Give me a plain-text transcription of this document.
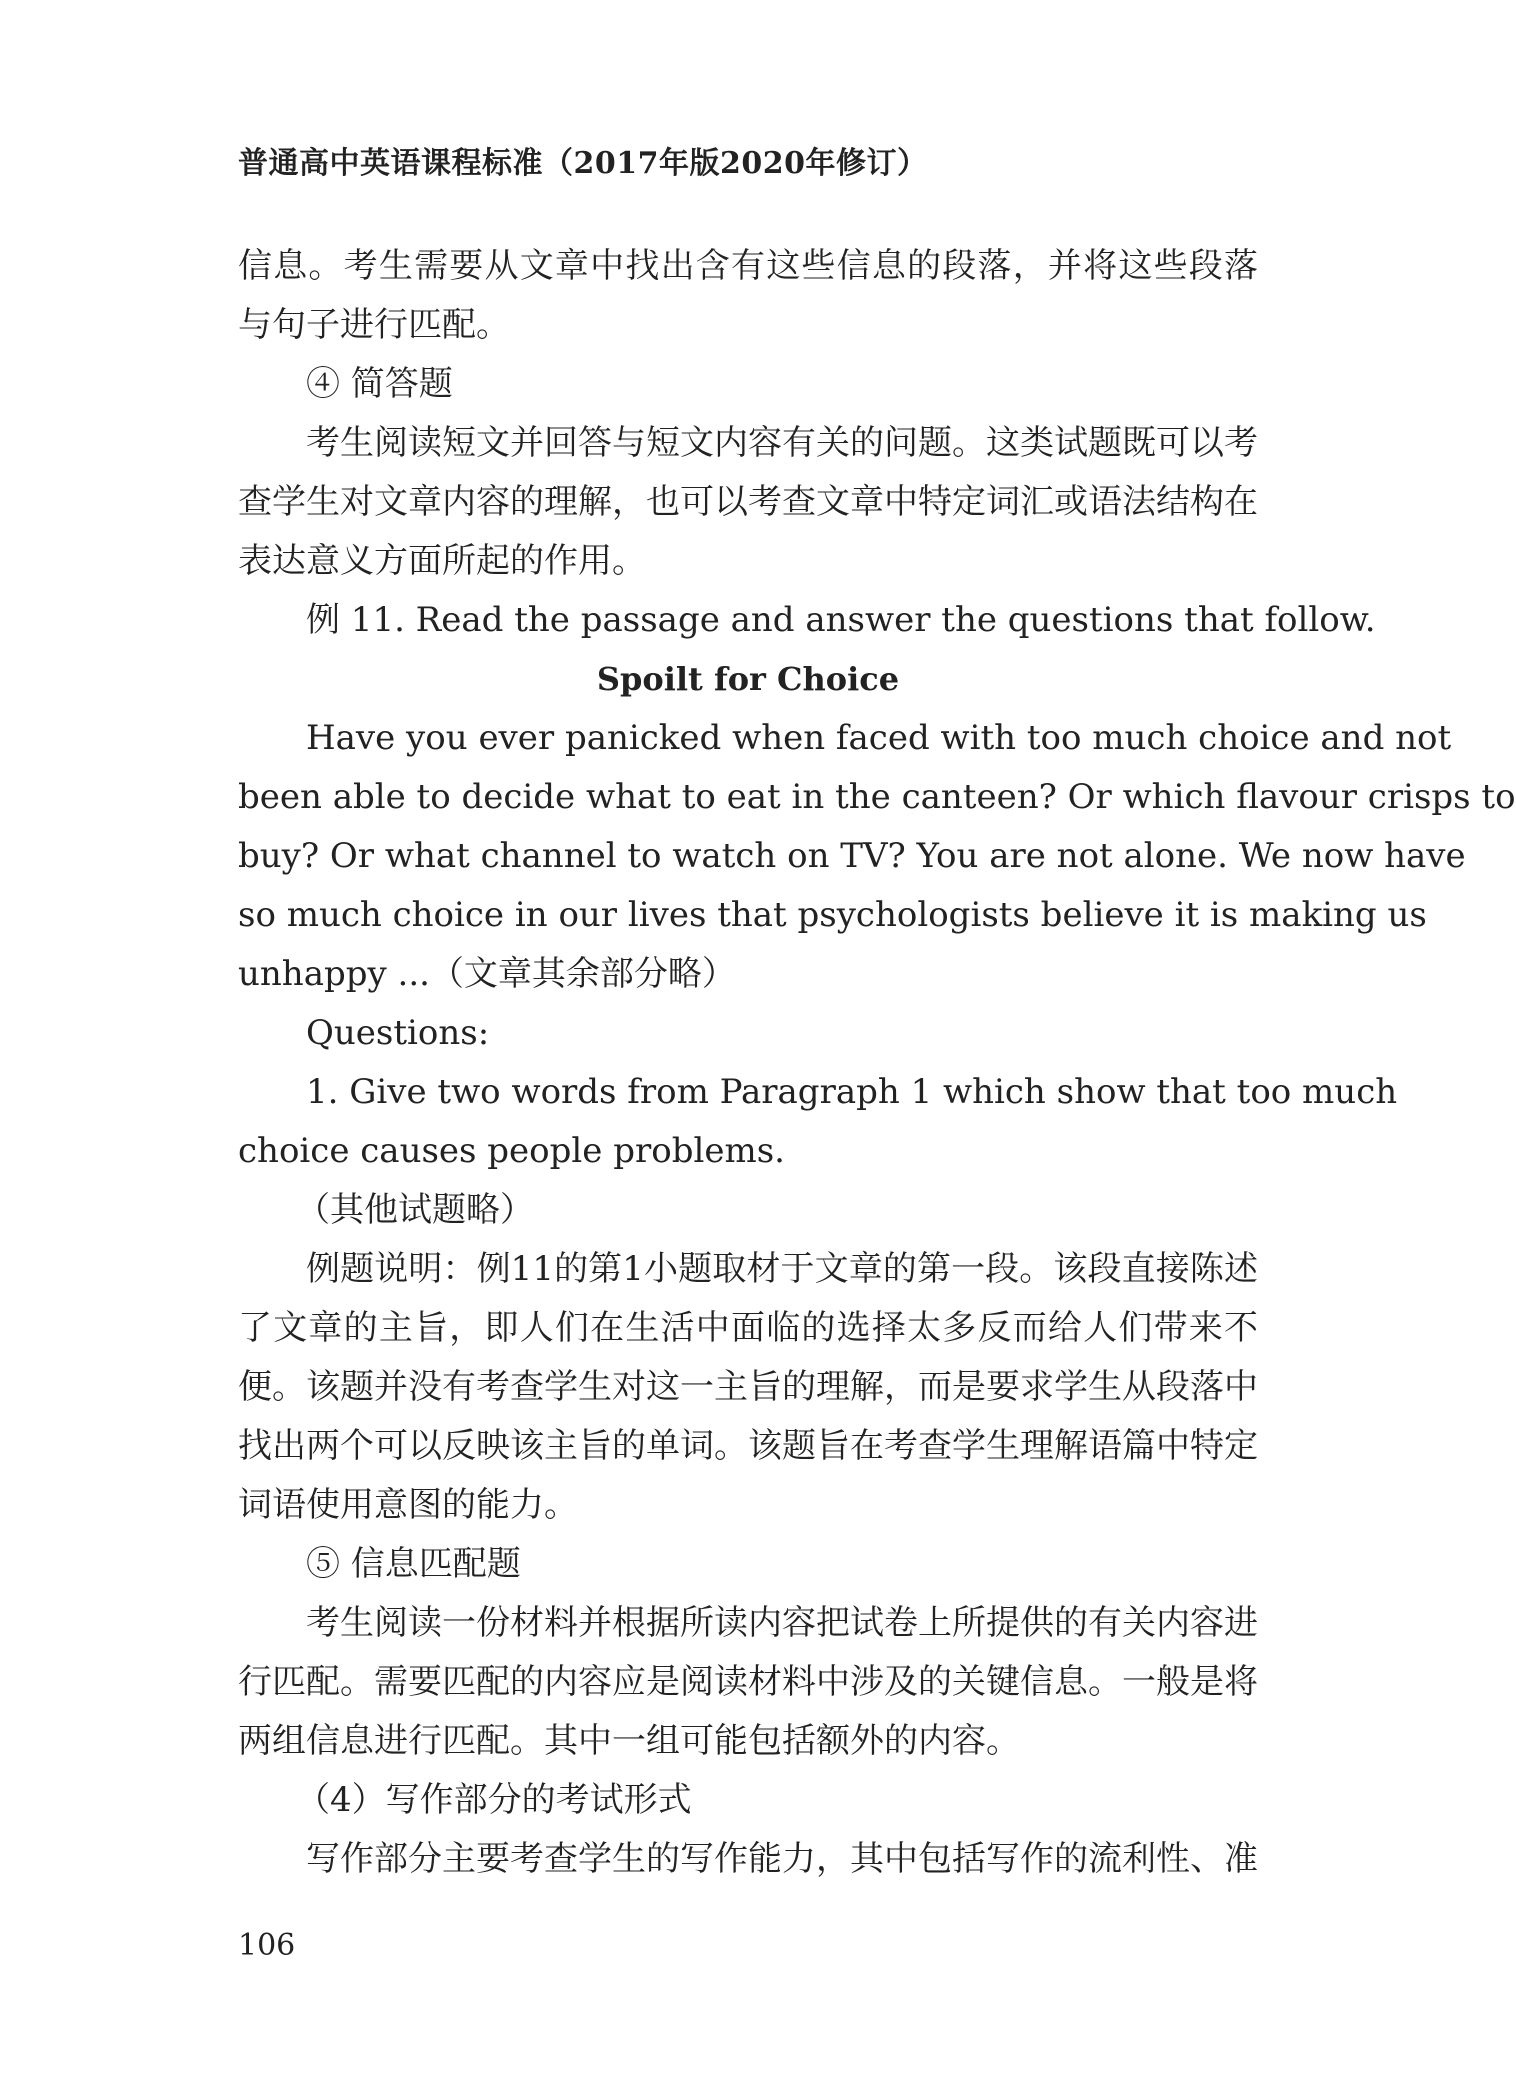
普通高中英语课程标准（2017年版2020年修订）
信息。考生需要从文章中找出含有这些信息的段落，并将这些段落
与句子进行匹配。
④ 简答题
考生阅读短文并回答与短文内容有关的问题。这类试题既可以考
查学生对文章内容的理解，也可以考查文章中特定词汇或语法结构在
表达意义方面所起的作用。
例 11. Read the passage and answer the questions that follow.
Spoilt for Choice
Have you ever panicked when faced with too much choice and not
been able to decide what to eat in the canteen? Or which flavour crisps to
buy? Or what channel to watch on TV? You are not alone. We now have
so much choice in our lives that psychologists believe it is making us
unhappy ...（文章其余部分略）
Questions:
1. Give two words from Paragraph 1 which show that too much
choice causes people problems.
（其他试题略）
例题说明：例11的第1小题取材于文章的第一段。该段直接陈述
了文章的主旨，即人们在生活中面临的选择太多反而给人们带来不
便。该题并没有考查学生对这一主旨的理解，而是要求学生从段落中
找出两个可以反映该主旨的单词。该题旨在考查学生理解语篇中特定
词语使用意图的能力。
⑤ 信息匹配题
考生阅读一份材料并根据所读内容把试卷上所提供的有关内容进
行匹配。需要匹配的内容应是阅读材料中涉及的关键信息。一般是将
两组信息进行匹配。其中一组可能包括额外的内容。
（4）写作部分的考试形式
写作部分主要考查学生的写作能力，其中包括写作的流利性、准
106
